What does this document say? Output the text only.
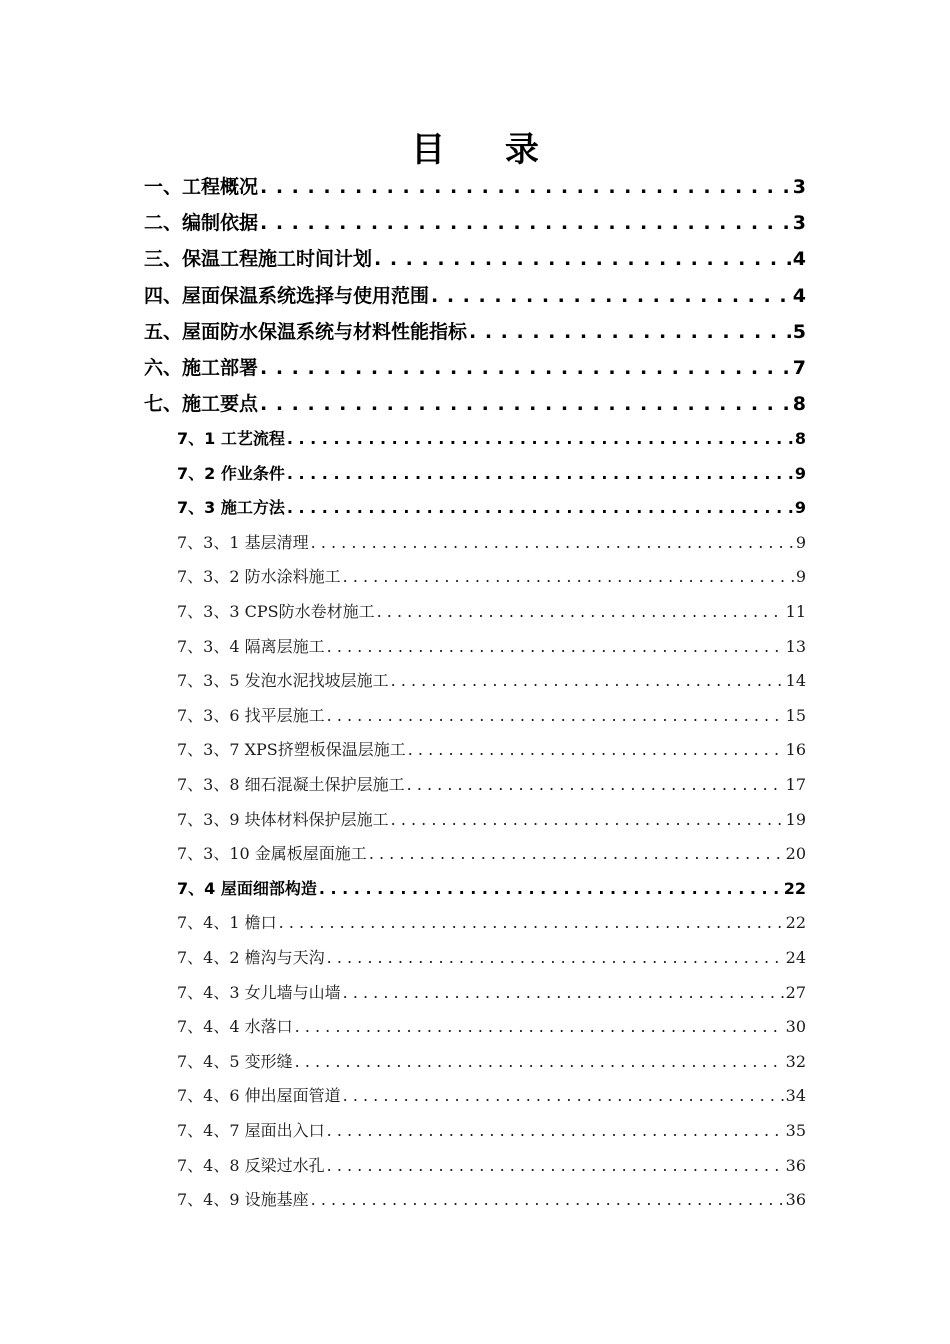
目 录
一、工程概况 . . .	3
二、编制依据 . . .	3
三、保温工程施工时间计划 . . .	4
四、屋面保温系统选择与使用范围 . . .	4
五、屋面防水保温系统与材料性能指标 . . .	5
六、施工部署 . . .	7
七、施工要点 . . .	8
7、1 工艺流程 . . .	8
7、2 作业条件 . . .	9
7、3 施工方法 . . .	9
7、3、1 基层清理 . . .	9
7、3、2 防水涂料施工 . . .	9
7、3、3 CPS防水卷材施工 . . .	11
7、3、4 隔离层施工 . . .	13
7、3、5 发泡水泥找坡层施工 . . .	14
7、3、6 找平层施工 . . .	15
7、3、7 XPS挤塑板保温层施工 . . .	16
7、3、8 细石混凝土保护层施工 . . .	17
7、3、9 块体材料保护层施工 . . .	19
7、3、10 金属板屋面施工 . . .	20
7、4 屋面细部构造 . . .	22
7、4、1 檐口 . . .	22
7、4、2 檐沟与天沟 . . .	24
7、4、3 女儿墙与山墙 . . .	27
7、4、4 水落口 . . .	30
7、4、5 变形缝 . . .	32
7、4、6 伸出屋面管道 . . .	34
7、4、7 屋面出入口 . . .	35
7、4、8 反梁过水孔 . . .	36
7、4、9 设施基座 . . .	36
